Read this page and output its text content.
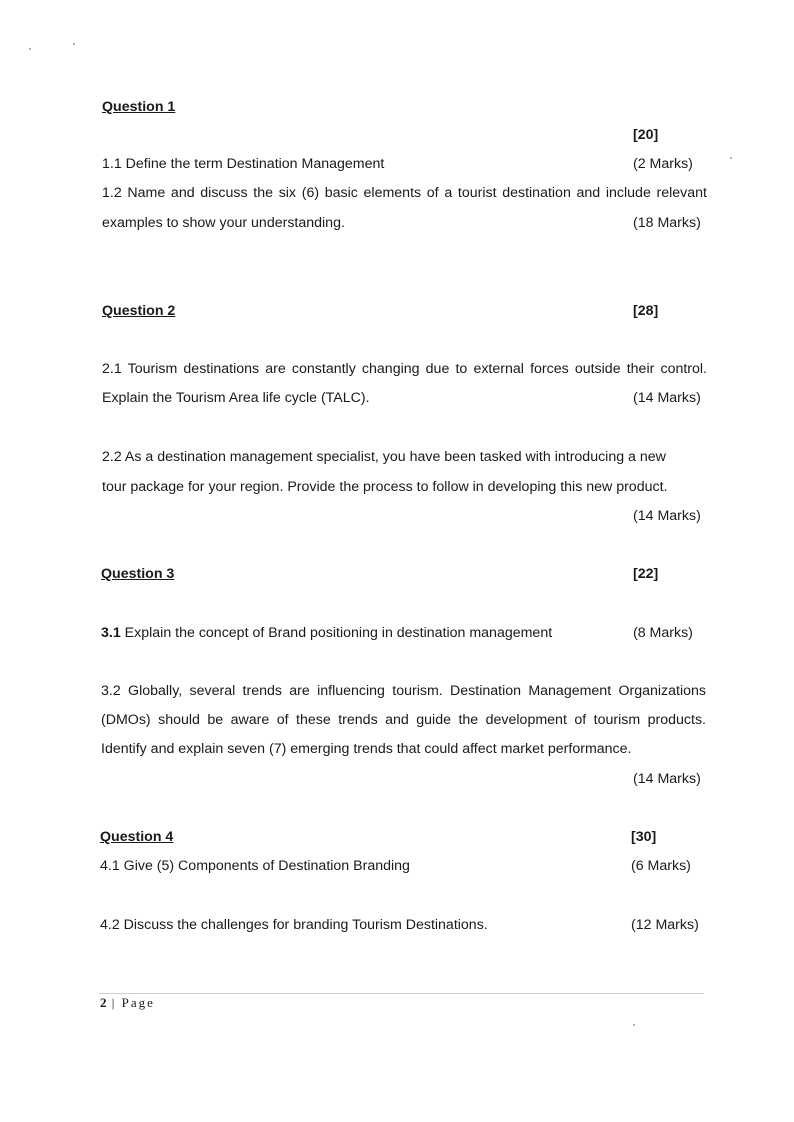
Question 1
[20]
1.1 Define the term Destination Management	(2 Marks)
1.2 Name and discuss the six (6) basic elements of a tourist destination and include relevant
examples to show your understanding.	(18 Marks)
Question 2	[28]
2.1 Tourism destinations are constantly changing due to external forces outside their control.
Explain the Tourism Area life cycle (TALC).	(14 Marks)
2.2 As a destination management specialist, you have been tasked with introducing a new
tour package for your region. Provide the process to follow in developing this new product.
(14 Marks)
Question 3	[22]
3.1 Explain the concept of Brand positioning in destination management	(8 Marks)
3.2 Globally, several trends are influencing tourism. Destination Management Organizations
(DMOs) should be aware of these trends and guide the development of tourism products.
Identify and explain seven (7) emerging trends that could affect market performance.
(14 Marks)
Question 4	[30]
4.1 Give (5) Components of Destination Branding	(6 Marks)
4.2 Discuss the challenges for branding Tourism Destinations.	(12 Marks)
2 | Page
